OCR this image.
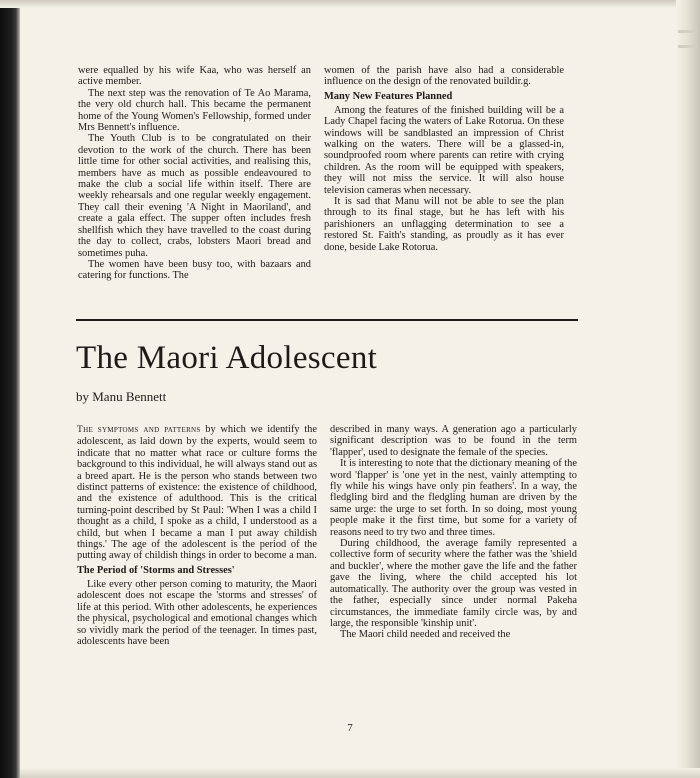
were equalled by his wife Kaa, who was herself an active member.

The next step was the renovation of Te Ao Marama, the very old church hall. This became the permanent home of the Young Women's Fellowship, formed under Mrs Bennett's influence.

The Youth Club is to be congratulated on their devotion to the work of the church. There has been little time for other social activities, and realising this, members have as much as possible endeavoured to make the club a social life within itself. There are weekly rehearsals and one regular weekly engagement. They call their evening 'A Night in Maoriland', and create a gala effect. The supper often includes fresh shellfish which they have travelled to the coast during the day to collect, crabs, lobsters Maori bread and sometimes puha.

The women have been busy too, with bazaars and catering for functions. The

women of the parish have also had a considerable influence on the design of the renovated buildir.g.

Many New Features Planned

Among the features of the finished building will be a Lady Chapel facing the waters of Lake Rotorua. On these windows will be sandblasted an impression of Christ walking on the waters. There will be a glassed-in, soundproofed room where parents can retire with crying children. As the room will be equipped with speakers, they will not miss the service. It will also house television cameras when necessary.

It is sad that Manu will not be able to see the plan through to its final stage, but he has left with his parishioners an unflagging determination to see a restored St. Faith's standing, as proudly as it has ever done, beside Lake Rotorua.

The Maori Adolescent

by Manu Bennett

The symptoms and patterns by which we identify the adolescent, as laid down by the experts, would seem to indicate that no matter what race or culture forms the background to this individual, he will always stand out as a breed apart. He is the person who stands between two distinct patterns of existence: the existence of childhood, and the existence of adulthood. This is the critical turning-point described by St Paul: 'When I was a child I thought as a child, I spoke as a child, I understood as a child, but when I became a man I put away childish things.' The age of the adolescent is the period of the putting away of childish things in order to become a man.

The Period of 'Storms and Stresses'

Like every other person coming to maturity, the Maori adolescent does not escape the 'storms and stresses' of life at this period. With other adolescents, he experiences the physical, psychological and emotional changes which so vividly mark the period of the teenager. In times past, adolescents have been

described in many ways. A generation ago a particularly significant description was to be found in the term 'flapper', used to designate the female of the species.

It is interesting to note that the dictionary meaning of the word 'flapper' is 'one yet in the nest, vainly attempting to fly while his wings have only pin feathers'. In a way, the fledgling bird and the fledgling human are driven by the same urge: the urge to set forth. In so doing, most young people make it the first time, but some for a variety of reasons need to try two and three times.

During childhood, the average family represented a collective form of security where the father was the 'shield and buckler', where the mother gave the life and the father gave the living, where the child accepted his lot automatically. The authority over the group was vested in the father, especially since under normal Pakeha circumstances, the immediate family circle was, by and large, the responsible 'kinship unit'.

The Maori child needed and received the

7
